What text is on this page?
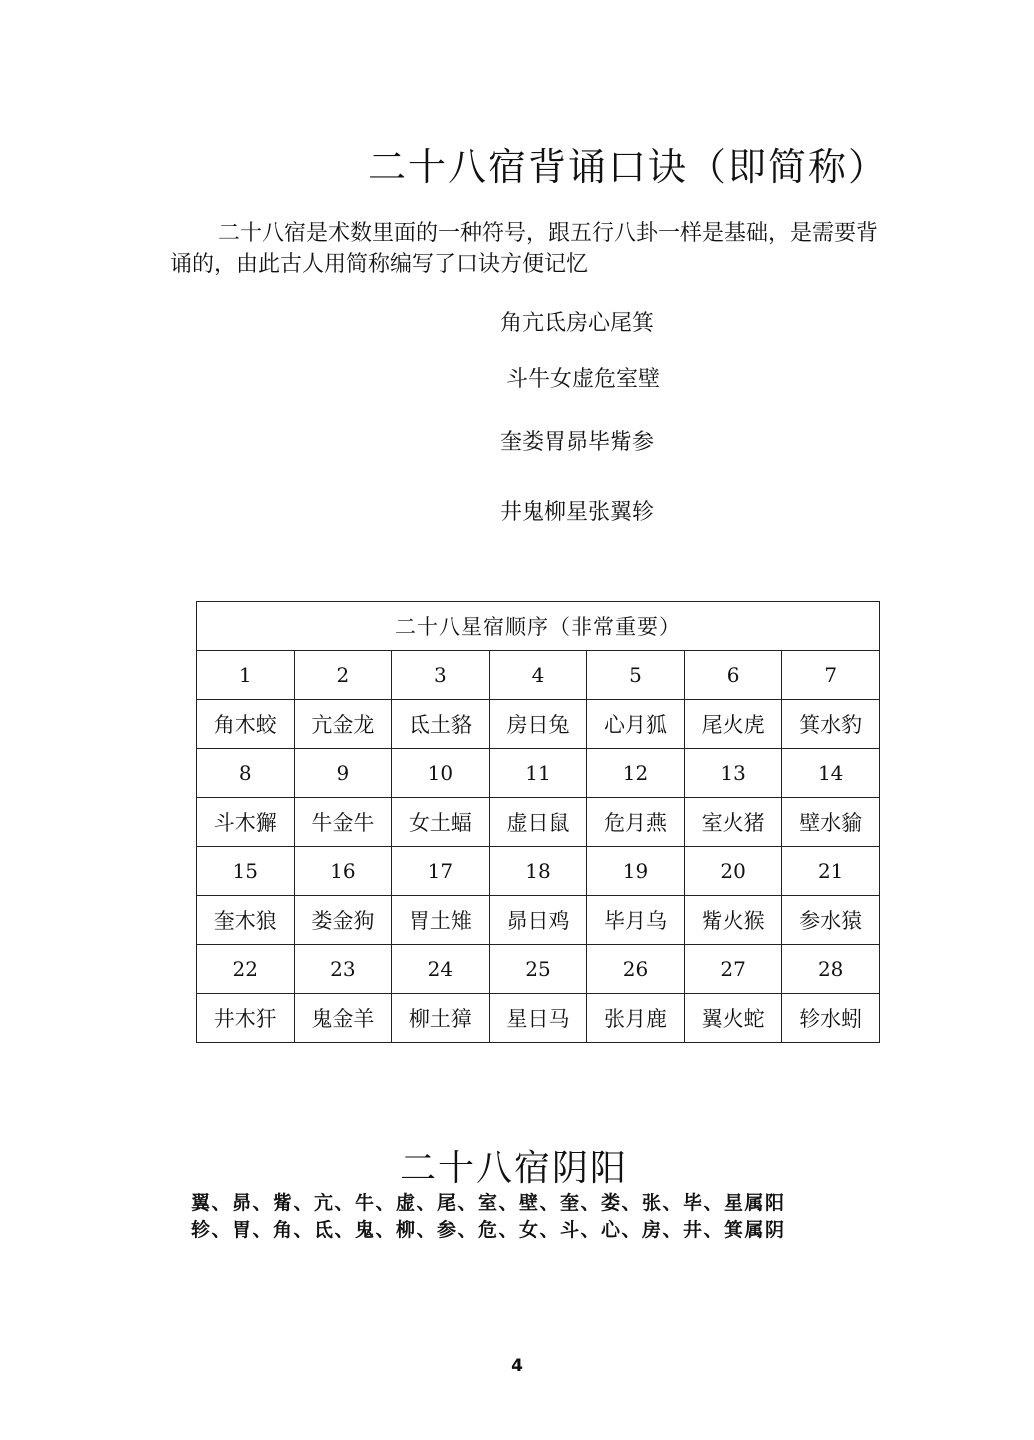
二十八宿背诵口诀（即简称）

二十八宿是术数里面的一种符号，跟五行八卦一样是基础，是需要背诵的，由此古人用简称编写了口诀方便记忆

角亢氐房心尾箕

斗牛女虚危室壁

奎娄胃昴毕觜参

井鬼柳星张翼轸

二十八星宿顺序（非常重要）						
1	2	3	4	5	6	7
角木蛟	亢金龙	氐土貉	房日兔	心月狐	尾火虎	箕水豹
8	9	10	11	12	13	14
斗木獬	牛金牛	女土蝠	虚日鼠	危月燕	室火猪	壁水貐
15	16	17	18	19	20	21
奎木狼	娄金狗	胃土雉	昴日鸡	毕月乌	觜火猴	参水猿
22	23	24	25	26	27	28
井木犴	鬼金羊	柳土獐	星日马	张月鹿	翼火蛇	轸水蚓
二十八宿阴阳

翼、昴、觜、亢、牛、虚、尾、室、壁、奎、娄、张、毕、星属阳

轸、胃、角、氐、鬼、柳、参、危、女、斗、心、房、井、箕属阴

4
